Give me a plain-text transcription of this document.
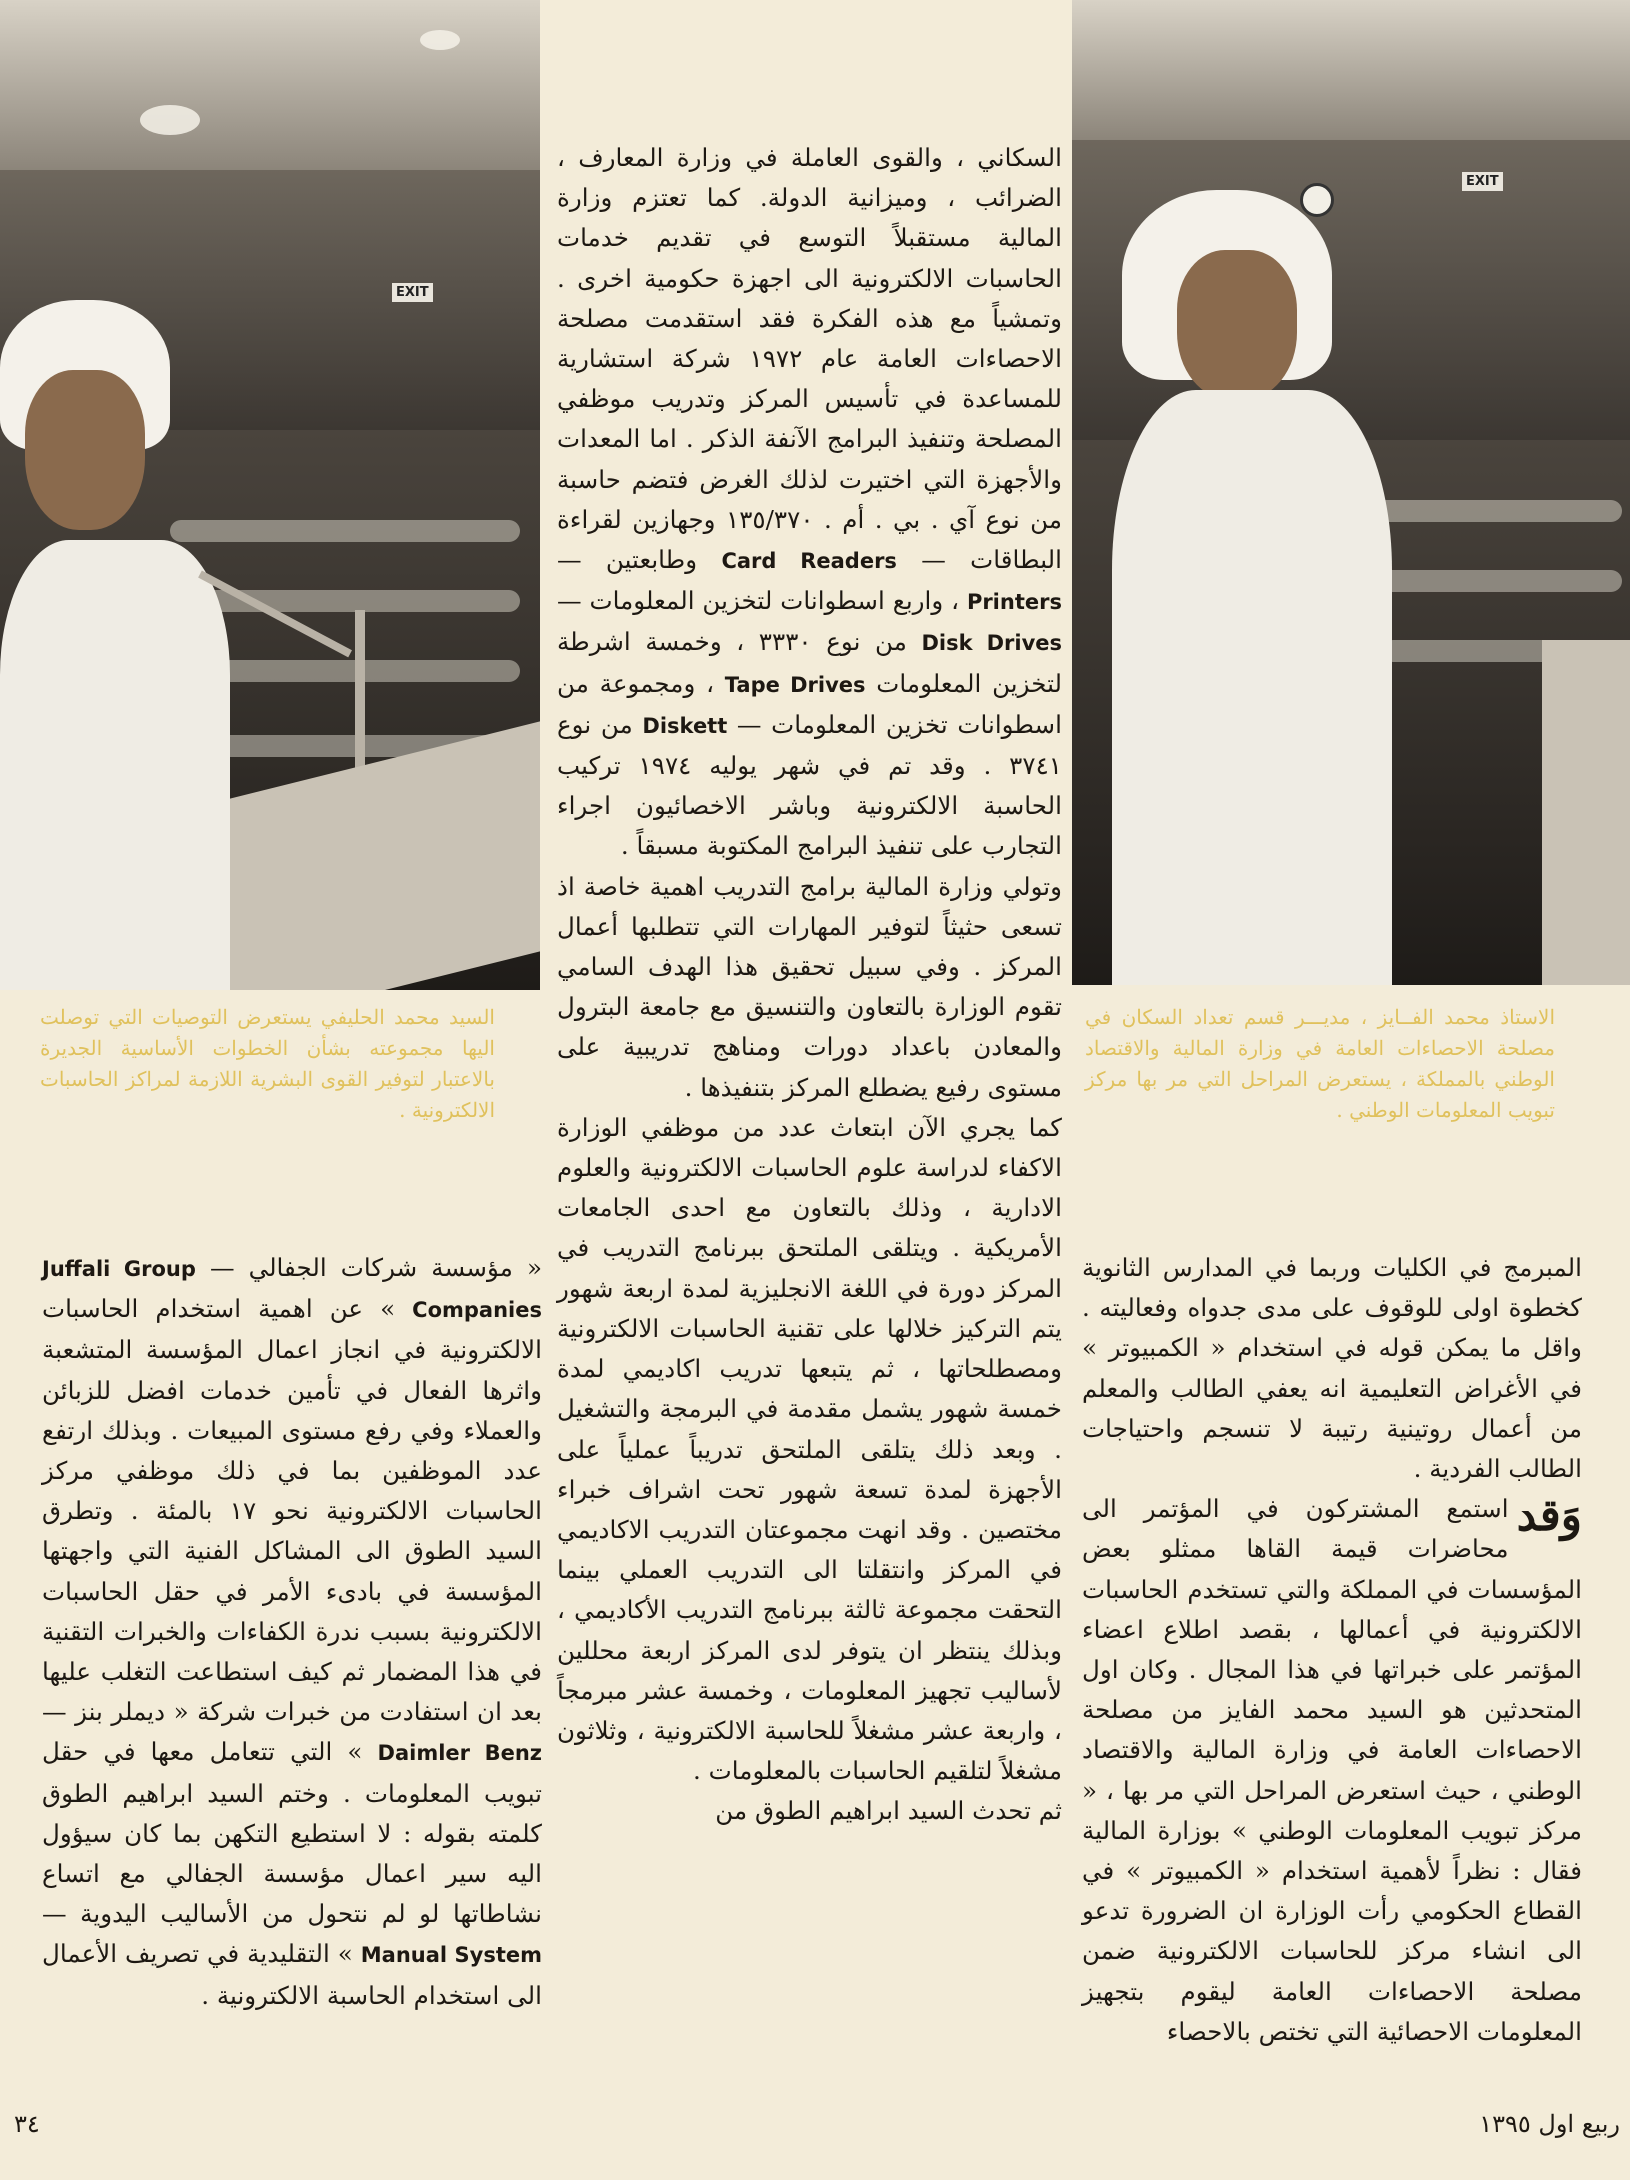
EXIT
EXIT
السيد محمد الحليفي يستعرض التوصيات التي توصلت اليها مجموعته بشأن الخطوات الأساسية الجديرة بالاعتبار لتوفير القوى البشرية اللازمة لمراكز الحاسبات الالكترونية .
الاستاذ محمد الفــايز ، مديـــر قسم تعداد السكان في مصلحة الاحصاءات العامة في وزارة المالية والاقتصاد الوطني بالمملكة ، يستعرض المراحل التي مر بها مركز تبويب المعلومات الوطني .

السكاني ، والقوى العاملة في وزارة المعارف ، الضرائب ، وميزانية الدولة. كما تعتزم وزارة المالية مستقبلاً التوسع في تقديم خدمات الحاسبات الالكترونية الى اجهزة حكومية اخرى . وتمشياً مع هذه الفكرة فقد استقدمت مصلحة الاحصاءات العامة عام ١٩٧٢ شركة استشارية للمساعدة في تأسيس المركز وتدريب موظفي المصلحة وتنفيذ البرامج الآنفة الذكر . اما المعدات والأجهزة التي اختيرت لذلك الغرض فتضم حاسبة من نوع آي . بي . أم . ١٣٥/٣٧٠ وجهازين لقراءة البطاقات — Card Readers وطابعتين — Printers ، واربع اسطوانات لتخزين المعلومات — Disk Drives من نوع ٣٣٣٠ ، وخمسة اشرطة لتخزين المعلومات Tape Drives ، ومجموعة من اسطوانات تخزين المعلومات — Diskett من نوع ٣٧٤١ . وقد تم في شهر يوليه ١٩٧٤ تركيب الحاسبة الالكترونية وباشر الاخصائيون اجراء التجارب على تنفيذ البرامج المكتوبة مسبقاً .

وتولي وزارة المالية برامج التدريب اهمية خاصة اذ تسعى حثيثاً لتوفير المهارات التي تتطلبها أعمال المركز . وفي سبيل تحقيق هذا الهدف السامي تقوم الوزارة بالتعاون والتنسيق مع جامعة البترول والمعادن باعداد دورات ومناهج تدريبية على مستوى رفيع يضطلع المركز بتنفيذها .

كما يجري الآن ابتعاث عدد من موظفي الوزارة الاكفاء لدراسة علوم الحاسبات الالكترونية والعلوم الادارية ، وذلك بالتعاون مع احدى الجامعات الأمريكية . ويتلقى الملتحق ببرنامج التدريب في المركز دورة في اللغة الانجليزية لمدة اربعة شهور يتم التركيز خلالها على تقنية الحاسبات الالكترونية ومصطلحاتها ، ثم يتبعها تدريب اكاديمي لمدة خمسة شهور يشمل مقدمة في البرمجة والتشغيل . وبعد ذلك يتلقى الملتحق تدريباً عملياً على الأجهزة لمدة تسعة شهور تحت اشراف خبراء مختصين . وقد انهت مجموعتان التدريب الاكاديمي في المركز وانتقلتا الى التدريب العملي بينما التحقت مجموعة ثالثة ببرنامج التدريب الأكاديمي ، وبذلك ينتظر ان يتوفر لدى المركز اربعة محللين لأساليب تجهيز المعلومات ، وخمسة عشر مبرمجاً ، واربعة عشر مشغلاً للحاسبة الالكترونية ، وثلاثون مشغلاً لتلقيم الحاسبات بالمعلومات .

ثم تحدث السيد ابراهيم الطوق من

المبرمج في الكليات وربما في المدارس الثانوية كخطوة اولى للوقوف على مدى جدواه وفعاليته . واقل ما يمكن قوله في استخدام « الكمبيوتر » في الأغراض التعليمية انه يعفي الطالب والمعلم من أعمال روتينية رتيبة لا تنسجم واحتياجات الطالب الفردية .

وَقد
استمع المشتركون في المؤتمر الى محاضرات قيمة القاها ممثلو بعض المؤسسات في المملكة والتي تستخدم الحاسبات الالكترونية في أعمالها ، بقصد اطلاع اعضاء المؤتمر على خبراتها في هذا المجال . وكان اول المتحدثين هو السيد محمد الفايز من مصلحة الاحصاءات العامة في وزارة المالية والاقتصاد الوطني ، حيث استعرض المراحل التي مر بها ، « مركز تبويب المعلومات الوطني » بوزارة المالية فقال : نظراً لأهمية استخدام « الكمبيوتر » في القطاع الحكومي رأت الوزارة ان الضرورة تدعو الى انشاء مركز للحاسبات الالكترونية ضمن مصلحة الاحصاءات العامة ليقوم بتجهيز المعلومات الاحصائية التي تختص بالاحصاء

« مؤسسة شركات الجفالي — Juffali Group Companies » عن اهمية استخدام الحاسبات الالكترونية في انجاز اعمال المؤسسة المتشعبة واثرها الفعال في تأمين خدمات افضل للزبائن والعملاء وفي رفع مستوى المبيعات . وبذلك ارتفع عدد الموظفين بما في ذلك موظفي مركز الحاسبات الالكترونية نحو ١٧ بالمئة . وتطرق السيد الطوق الى المشاكل الفنية التي واجهتها المؤسسة في بادىء الأمر في حقل الحاسبات الالكترونية بسبب ندرة الكفاءات والخبرات التقنية في هذا المضمار ثم كيف استطاعت التغلب عليها بعد ان استفادت من خبرات شركة « ديملر بنز — Daimler Benz » التي تتعامل معها في حقل تبويب المعلومات . وختم السيد ابراهيم الطوق كلمته بقوله : لا استطيع التكهن بما كان سيؤول اليه سير اعمال مؤسسة الجفالي مع اتساع نشاطاتها لو لم نتحول من الأساليب اليدوية — Manual System » التقليدية في تصريف الأعمال الى استخدام الحاسبة الالكترونية .

٣٤	ربيع اول ١٣٩٥
